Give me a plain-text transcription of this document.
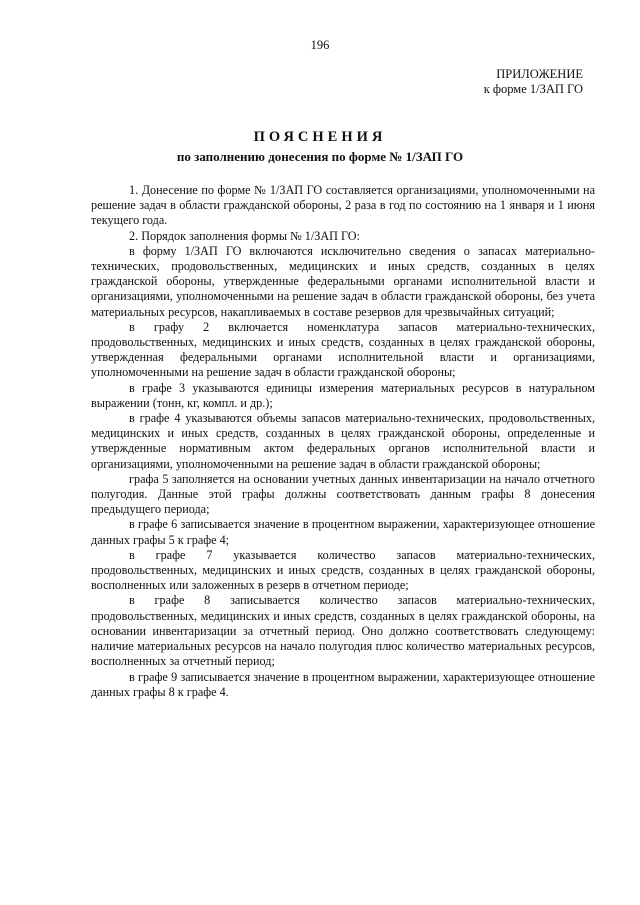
196
ПРИЛОЖЕНИЕ
к форме 1/ЗАП ГО
ПОЯСНЕНИЯ
по заполнению донесения по форме № 1/ЗАП ГО

1. Донесение по форме № 1/ЗАП ГО составляется организациями, уполномоченными на решение задач в области гражданской обороны, 2 раза в год по состоянию на 1 января и 1 июня текущего года.

2. Порядок заполнения формы № 1/ЗАП ГО:

в форму 1/ЗАП ГО включаются исключительно сведения о запасах материально-технических, продовольственных, медицинских и иных средств, созданных в целях гражданской обороны, утвержденные федеральными органами исполнительной власти и организациями, уполномоченными на решение задач в области гражданской обороны, без учета материальных ресурсов, накапливаемых в составе резервов для чрезвычайных ситуаций;

в графу 2 включается номенклатура запасов материально-технических, продовольственных, медицинских и иных средств, созданных в целях гражданской обороны, утвержденная федеральными органами исполнительной власти и организациями, уполномоченными на решение задач в области гражданской обороны;

в графе 3 указываются единицы измерения материальных ресурсов в натуральном выражении (тонн, кг, компл. и др.);

в графе 4 указываются объемы запасов материально-технических, продовольственных, медицинских и иных средств, созданных в целях гражданской обороны, определенные и утвержденные нормативным актом федеральных органов исполнительной власти и организациями, уполномоченными на решение задач в области гражданской обороны;

графа 5 заполняется на основании учетных данных инвентаризации на начало отчетного полугодия. Данные этой графы должны соответствовать данным графы 8 донесения предыдущего периода;

в графе 6 записывается значение в процентном выражении, характеризующее отношение данных графы 5 к графе 4;

в графе 7 указывается количество запасов материально-технических, продовольственных, медицинских и иных средств, созданных в целях гражданской обороны, восполненных или заложенных в резерв в отчетном периоде;

в графе 8 записывается количество запасов материально-технических, продовольственных, медицинских и иных средств, созданных в целях гражданской обороны, на основании инвентаризации за отчетный период. Оно должно соответствовать следующему: наличие материальных ресурсов на начало полугодия плюс количество материальных ресурсов, восполненных за отчетный период;

в графе 9 записывается значение в процентном выражении, характеризующее отношение данных графы 8 к графе 4.
